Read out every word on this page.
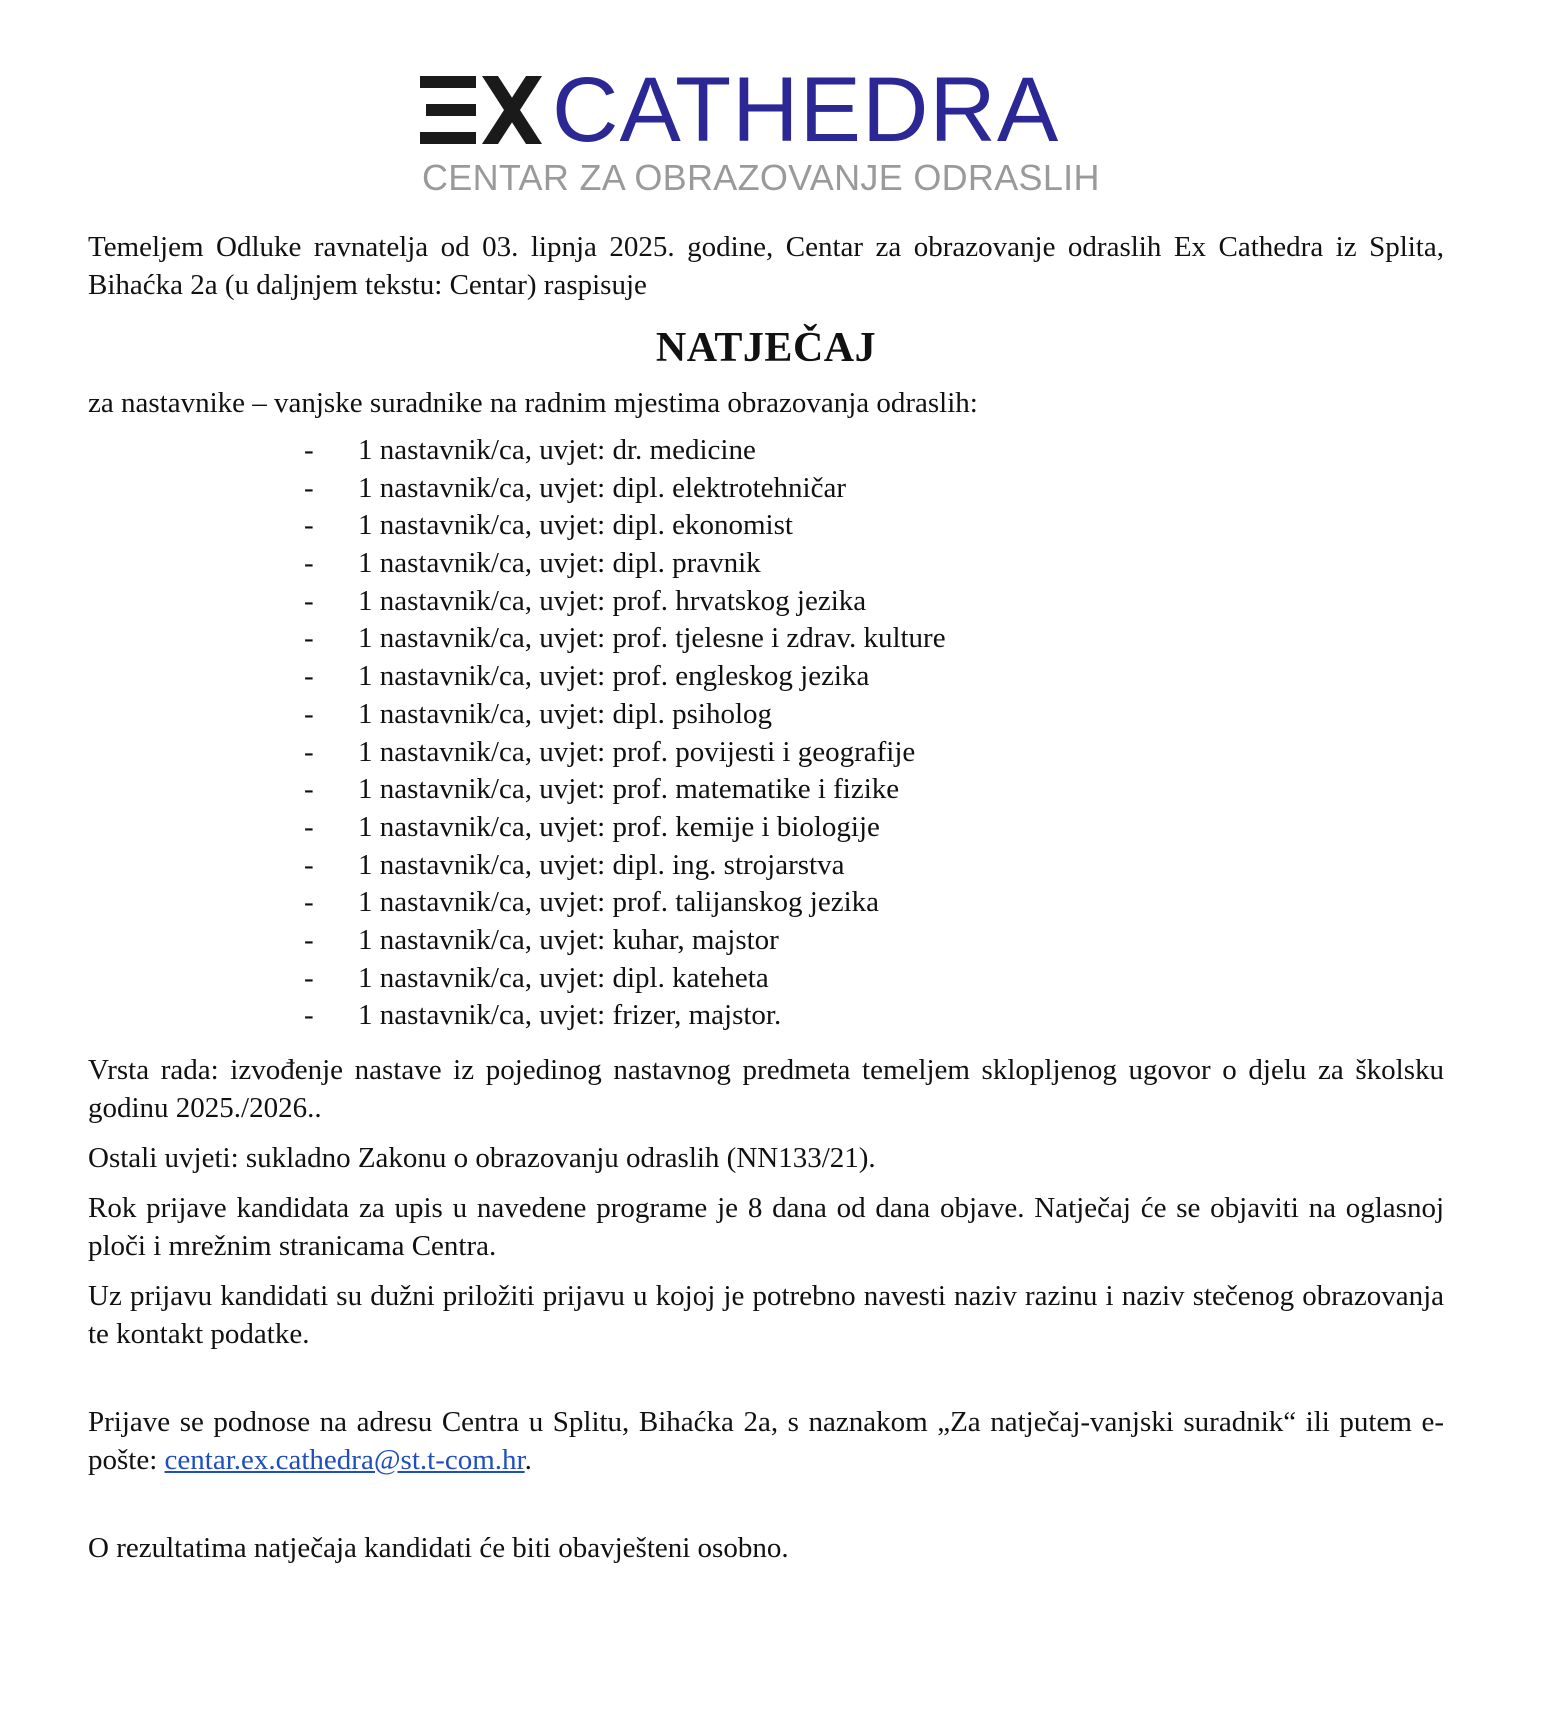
CATHEDRA
CENTAR ZA OBRAZOVANJE ODRASLIH

Temeljem Odluke ravnatelja od 03. lipnja 2025. godine, Centar za obrazovanje odraslih Ex Cathedra iz Splita, Bihaćka 2a (u daljnjem tekstu: Centar) raspisuje

NATJEČAJ

za nastavnike – vanjske suradnike na radnim mjestima obrazovanja odraslih:

- 1 nastavnik/ca, uvjet: dr. medicine
- 1 nastavnik/ca, uvjet: dipl. elektrotehničar
- 1 nastavnik/ca, uvjet: dipl. ekonomist
- 1 nastavnik/ca, uvjet: dipl. pravnik
- 1 nastavnik/ca, uvjet: prof. hrvatskog jezika
- 1 nastavnik/ca, uvjet: prof. tjelesne i zdrav. kulture
- 1 nastavnik/ca, uvjet: prof. engleskog jezika
- 1 nastavnik/ca, uvjet: dipl. psiholog
- 1 nastavnik/ca, uvjet: prof. povijesti i geografije
- 1 nastavnik/ca, uvjet: prof. matematike i fizike
- 1 nastavnik/ca, uvjet: prof. kemije i biologije
- 1 nastavnik/ca, uvjet: dipl. ing. strojarstva
- 1 nastavnik/ca, uvjet: prof. talijanskog jezika
- 1 nastavnik/ca, uvjet: kuhar, majstor
- 1 nastavnik/ca, uvjet: dipl. kateheta
- 1 nastavnik/ca, uvjet: frizer, majstor.

Vrsta rada: izvođenje nastave iz pojedinog nastavnog predmeta temeljem sklopljenog ugovor o djelu za školsku godinu 2025./2026..

Ostali uvjeti: sukladno Zakonu o obrazovanju odraslih (NN133/21).

Rok prijave kandidata za upis u navedene programe je 8 dana od dana objave. Natječaj će se objaviti na oglasnoj ploči i mrežnim stranicama Centra.

Uz prijavu kandidati su dužni priložiti prijavu u kojoj je potrebno navesti naziv razinu i naziv stečenog obrazovanja te kontakt podatke.

Prijave se podnose na adresu Centra u Splitu, Bihaćka 2a, s naznakom „Za natječaj-vanjski suradnik“ ili putem e-pošte: centar.ex.cathedra@st.t-com.hr.

O rezultatima natječaja kandidati će biti obavješteni osobno.
